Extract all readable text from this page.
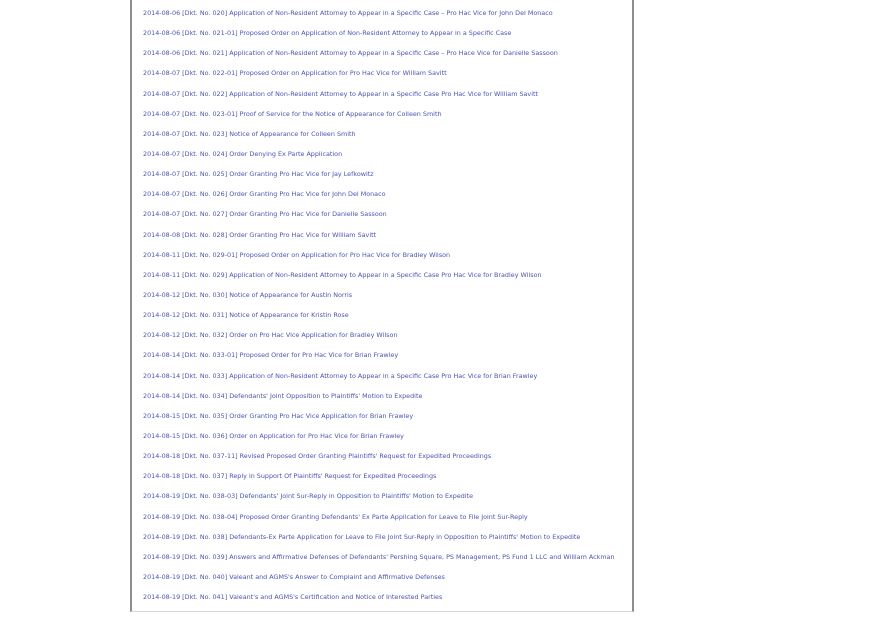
2014-08-06 [Dkt. No. 020] Application of Non-Resident Attorney to Appear in a Specific Case – Pro Hac Vice for John Del Monaco
2014-08-06 [Dkt. No. 021-01] Proposed Order on Application of Non-Resident Attorney to Appear in a Specific Case
2014-08-06 [Dkt. No. 021] Application of Non-Resident Attorney to Appear in a Specific Case – Pro Hace Vice for Danielle Sassoon
2014-08-07 [Dkt. No. 022-01] Proposed Order on Application for Pro Hac Vice for William Savitt
2014-08-07 [Dkt. No. 022] Application of Non-Resident Attorney to Appear in a Specific Case Pro Hac Vice for William Savitt
2014-08-07 [Dkt. No. 023-01] Proof of Service for the Notice of Appearance for Colleen Smith
2014-08-07 [Dkt. No. 023] Notice of Appearance for Colleen Smith
2014-08-07 [Dkt. No. 024] Order Denying Ex Parte Application
2014-08-07 [Dkt. No. 025] Order Granting Pro Hac Vice for Jay Lefkowitz
2014-08-07 [Dkt. No. 026] Order Granting Pro Hac Vice for John Del Monaco
2014-08-07 [Dkt. No. 027] Order Granting Pro Hac Vice for Danielle Sassoon
2014-08-08 [Dkt. No. 028] Order Granting Pro Hac Vice for William Savitt
2014-08-11 [Dkt. No. 029-01] Proposed Order on Application for Pro Hac Vice for Bradley Wilson
2014-08-11 [Dkt. No. 029] Application of Non-Resident Attorney to Appear in a Specific Case Pro Hac Vice for Bradley Wilson
2014-08-12 [Dkt. No. 030] Notice of Appearance for Austin Norris
2014-08-12 [Dkt. No. 031] Notice of Appearance for Kristin Rose
2014-08-12 [Dkt. No. 032] Order on Pro Hac Vice Application for Bradley Wilson
2014-08-14 [Dkt. No. 033-01] Proposed Order for Pro Hac Vice for Brian Frawley
2014-08-14 [Dkt. No. 033] Application of Non-Resident Attorney to Appear in a Specific Case Pro Hac Vice for Brian Frawley
2014-08-14 [Dkt. No. 034] Defendants' Joint Opposition to Plaintiffs' Motion to Expedite
2014-08-15 [Dkt. No. 035] Order Granting Pro Hac Vice Application for Brian Frawley
2014-08-15 [Dkt. No. 036] Order on Application for Pro Hac Vice for Brian Frawley
2014-08-18 [Dkt. No. 037-11] Revised Proposed Order Granting Plaintiffs' Request for Expedited Proceedings
2014-08-18 [Dkt. No. 037] Reply in Support Of Plaintiffs' Request for Expedited Proceedings
2014-08-19 [Dkt. No. 038-03] Defendants' Joint Sur-Reply in Opposition to Plaintiffs' Motion to Expedite
2014-08-19 [Dkt. No. 038-04] Proposed Order Granting Defendants' Ex Parte Application for Leave to File Joint Sur-Reply
2014-08-19 [Dkt. No. 038] Defendants-Ex Parte Application for Leave to File Joint Sur-Reply in Opposition to Plaintiffs' Motion to Expedite
2014-08-19 [Dkt. No. 039] Answers and Affirmative Defenses of Defendants' Pershing Square, PS Management, PS Fund 1 LLC and William Ackman
2014-08-19 [Dkt. No. 040] Valeant and AGMS's Answer to Complaint and Affirmative Defenses
2014-08-19 [Dkt. No. 041] Valeant's and AGMS's Certification and Notice of Interested Parties
